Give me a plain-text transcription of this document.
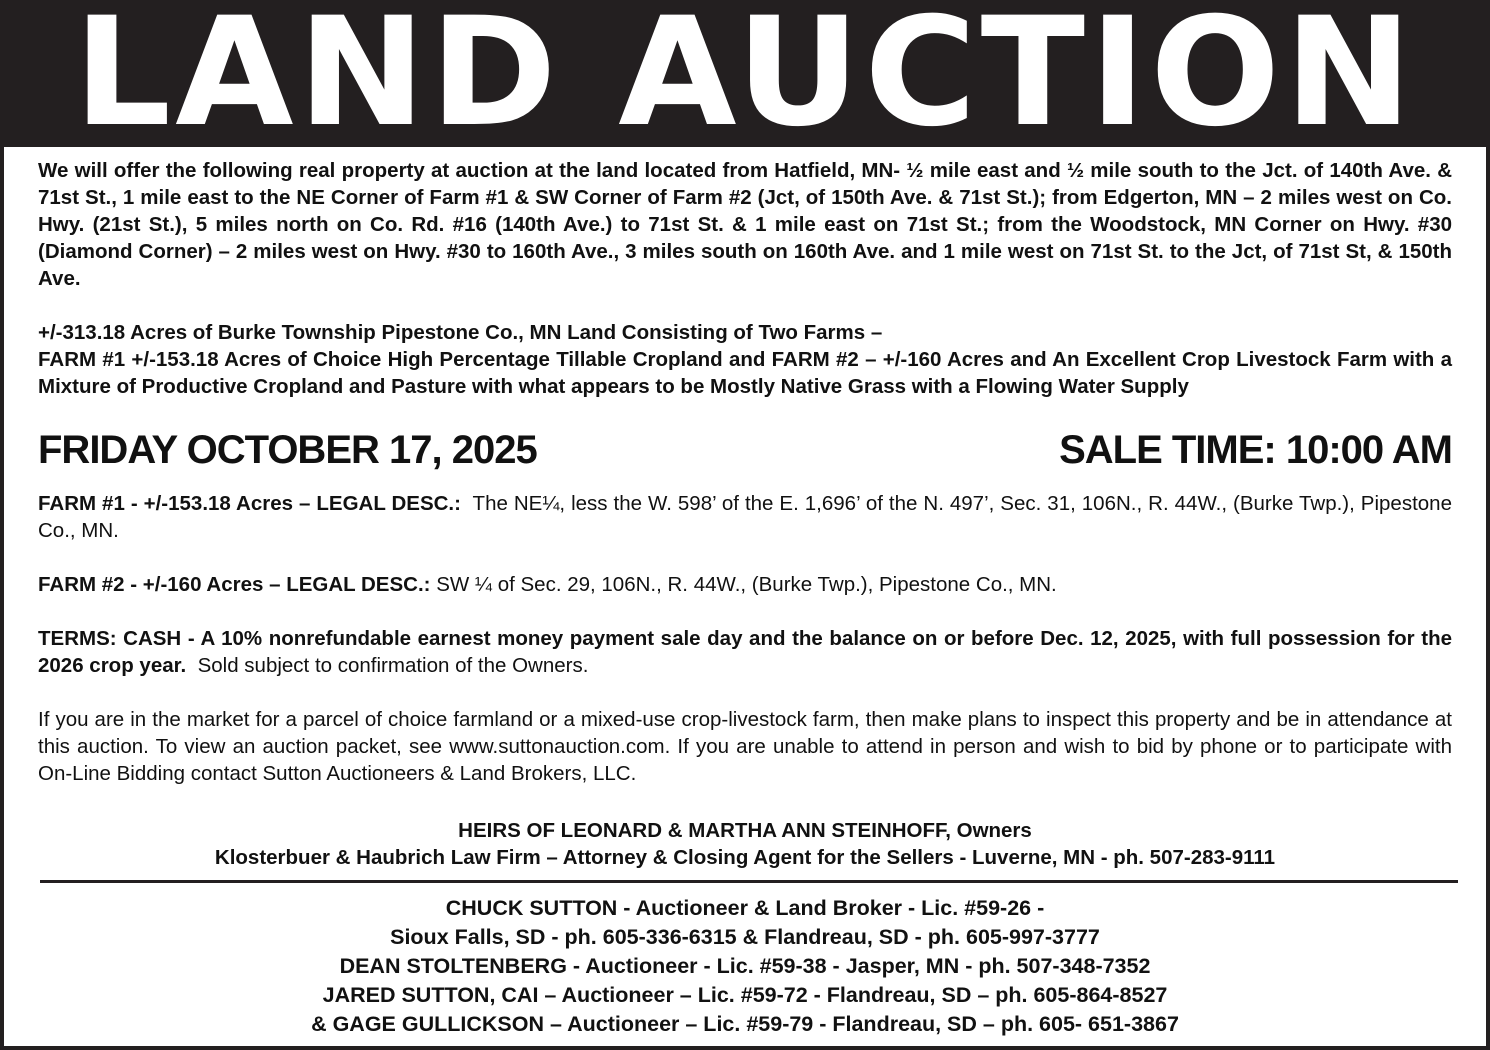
LAND AUCTION

We will offer the following real property at auction at the land located from Hatfield, MN- ½ mile east and ½ mile south to the Jct. of 140th Ave. & 71st St., 1 mile east to the NE Corner of Farm #1 & SW Corner of Farm #2 (Jct, of 150th Ave. & 71st St.); from Edgerton, MN – 2 miles west on Co. Hwy. (21st St.), 5 miles north on Co. Rd. #16 (140th Ave.) to 71st St. & 1 mile east on 71st St.; from the Woodstock, MN Corner on Hwy. #30 (Diamond Corner) – 2 miles west on Hwy. #30 to 160th Ave., 3 miles south on 160th Ave. and 1 mile west on 71st St. to the Jct, of 71st St, & 150th Ave.

+/-313.18 Acres of Burke Township Pipestone Co., MN Land Consisting of Two Farms –

FARM #1 +/-153.18 Acres of Choice High Percentage Tillable Cropland and FARM #2 – +/-160 Acres and An Excellent Crop Livestock Farm with a Mixture of Productive Cropland and Pasture with what appears to be Mostly Native Grass with a Flowing Water Supply

FRIDAY OCTOBER 17, 2025	SALE TIME: 10:00 AM

FARM #1 - +/-153.18 Acres – LEGAL DESC.: The NE¼, less the W. 598’ of the E. 1,696’ of the N. 497’, Sec. 31, 106N., R. 44W., (Burke Twp.), Pipestone Co., MN.

FARM #2 - +/-160 Acres – LEGAL DESC.: SW ¼ of Sec. 29, 106N., R. 44W., (Burke Twp.), Pipestone Co., MN.

TERMS: CASH - A 10% nonrefundable earnest money payment sale day and the balance on or before Dec. 12, 2025, with full possession for the 2026 crop year. Sold subject to confirmation of the Owners.

If you are in the market for a parcel of choice farmland or a mixed-use crop-livestock farm, then make plans to inspect this property and be in attendance at this auction. To view an auction packet, see www.suttonauction.com. If you are unable to attend in person and wish to bid by phone or to participate with On-Line Bidding contact Sutton Auctioneers & Land Brokers, LLC.

HEIRS OF LEONARD & MARTHA ANN STEINHOFF, Owners
Klosterbuer & Haubrich Law Firm – Attorney & Closing Agent for the Sellers - Luverne, MN - ph. 507-283-9111
CHUCK SUTTON - Auctioneer & Land Broker - Lic. #59-26 -
Sioux Falls, SD - ph. 605-336-6315 & Flandreau, SD - ph. 605-997-3777
DEAN STOLTENBERG - Auctioneer - Lic. #59-38 - Jasper, MN - ph. 507-348-7352
JARED SUTTON, CAI – Auctioneer – Lic. #59-72 - Flandreau, SD – ph. 605-864-8527
& GAGE GULLICKSON – Auctioneer – Lic. #59-79 - Flandreau, SD – ph. 605- 651-3867
